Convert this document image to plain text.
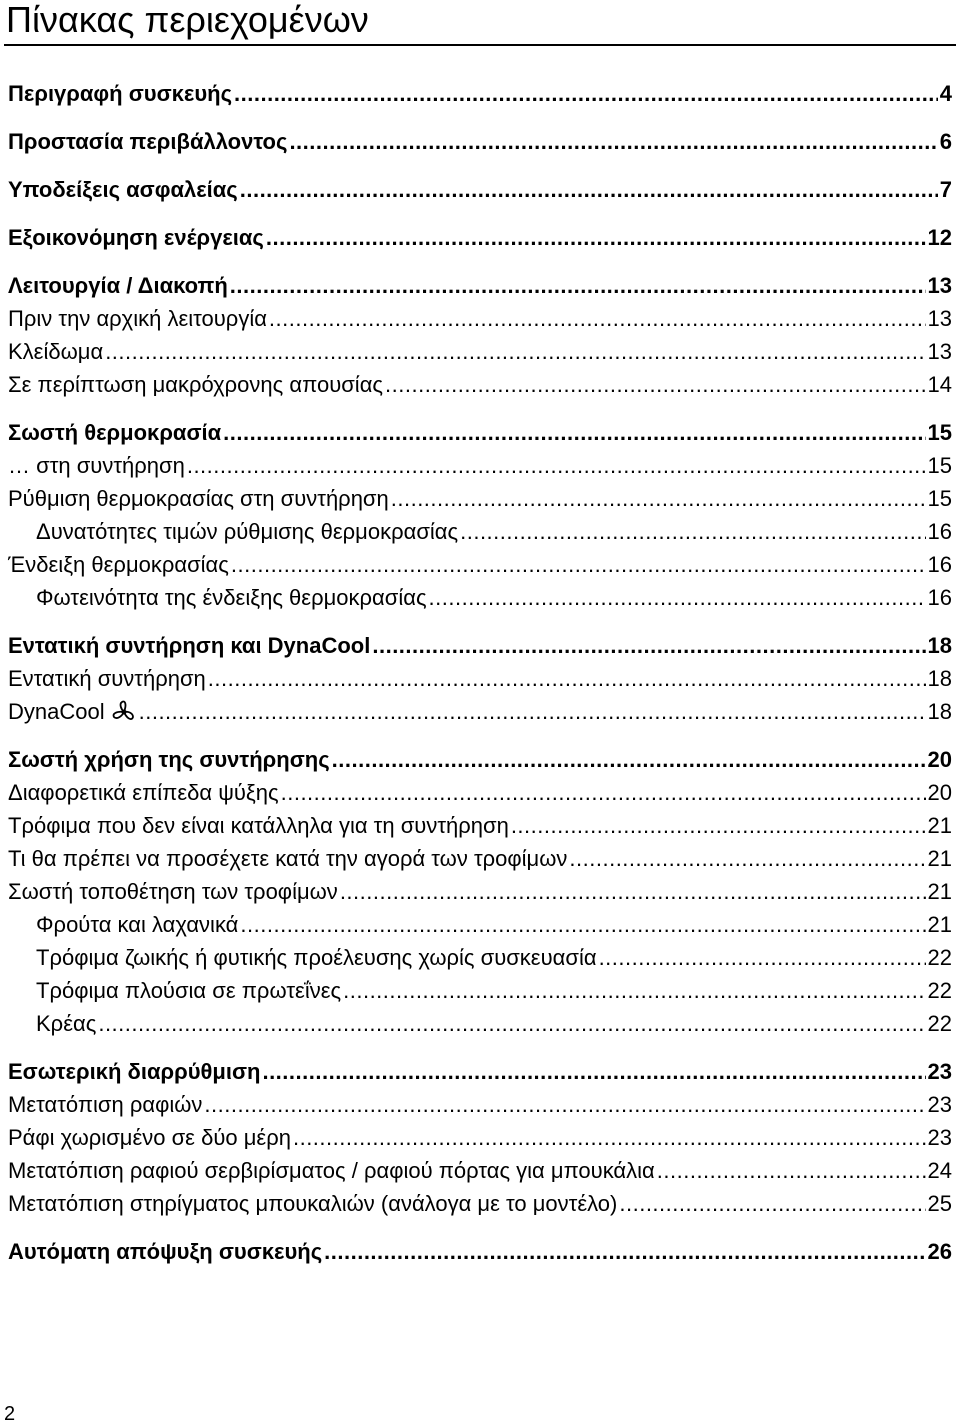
Πίνακας περιεχομένων
Περιγραφή συσκευής .....	4
Προστασία περιβάλλοντος .....	6
Υποδείξεις ασφαλείας .....	7
Εξοικονόμηση ενέργειας .....	12
Λειτουργία / Διακοπή .....	13
Πριν την αρχική λειτουργία .....	13
Κλείδωμα .....	13
Σε περίπτωση μακρόχρονης απουσίας .....	14
Σωστή θερμοκρασία .....	15
… στη συντήρηση .....	15
Ρύθμιση θερμοκρασίας στη συντήρηση .....	15
Δυνατότητες τιμών ρύθμισης θερμοκρασίας .....	16
Ένδειξη θερμοκρασίας .....	16
Φωτεινότητα της ένδειξης θερμοκρασίας .....	16
Εντατική συντήρηση και DynaCool .....	18
Εντατική συντήρηση .....	18
DynaCool .....	18
Σωστή χρήση της συντήρησης .....	20
Διαφορετικά επίπεδα ψύξης .....	20
Τρόφιμα που δεν είναι κατάλληλα για τη συντήρηση .....	21
Τι θα πρέπει να προσέχετε κατά την αγορά των τροφίμων .....	21
Σωστή τοποθέτηση των τροφίμων .....	21
Φρούτα και λαχανικά .....	21
Τρόφιμα ζωικής ή φυτικής προέλευσης χωρίς συσκευασία .....	22
Τρόφιμα πλούσια σε πρωτεΐνες .....	22
Κρέας .....	22
Εσωτερική διαρρύθμιση .....	23
Μετατόπιση ραφιών .....	23
Ράφι χωρισμένο σε δύο μέρη .....	23
Μετατόπιση ραφιού σερβιρίσματος / ραφιού πόρτας για μπουκάλια .....	24
Μετατόπιση στηρίγματος μπουκαλιών (ανάλογα με το μοντέλο) .....	25
Αυτόματη απόψυξη συσκευής .....	26
2
